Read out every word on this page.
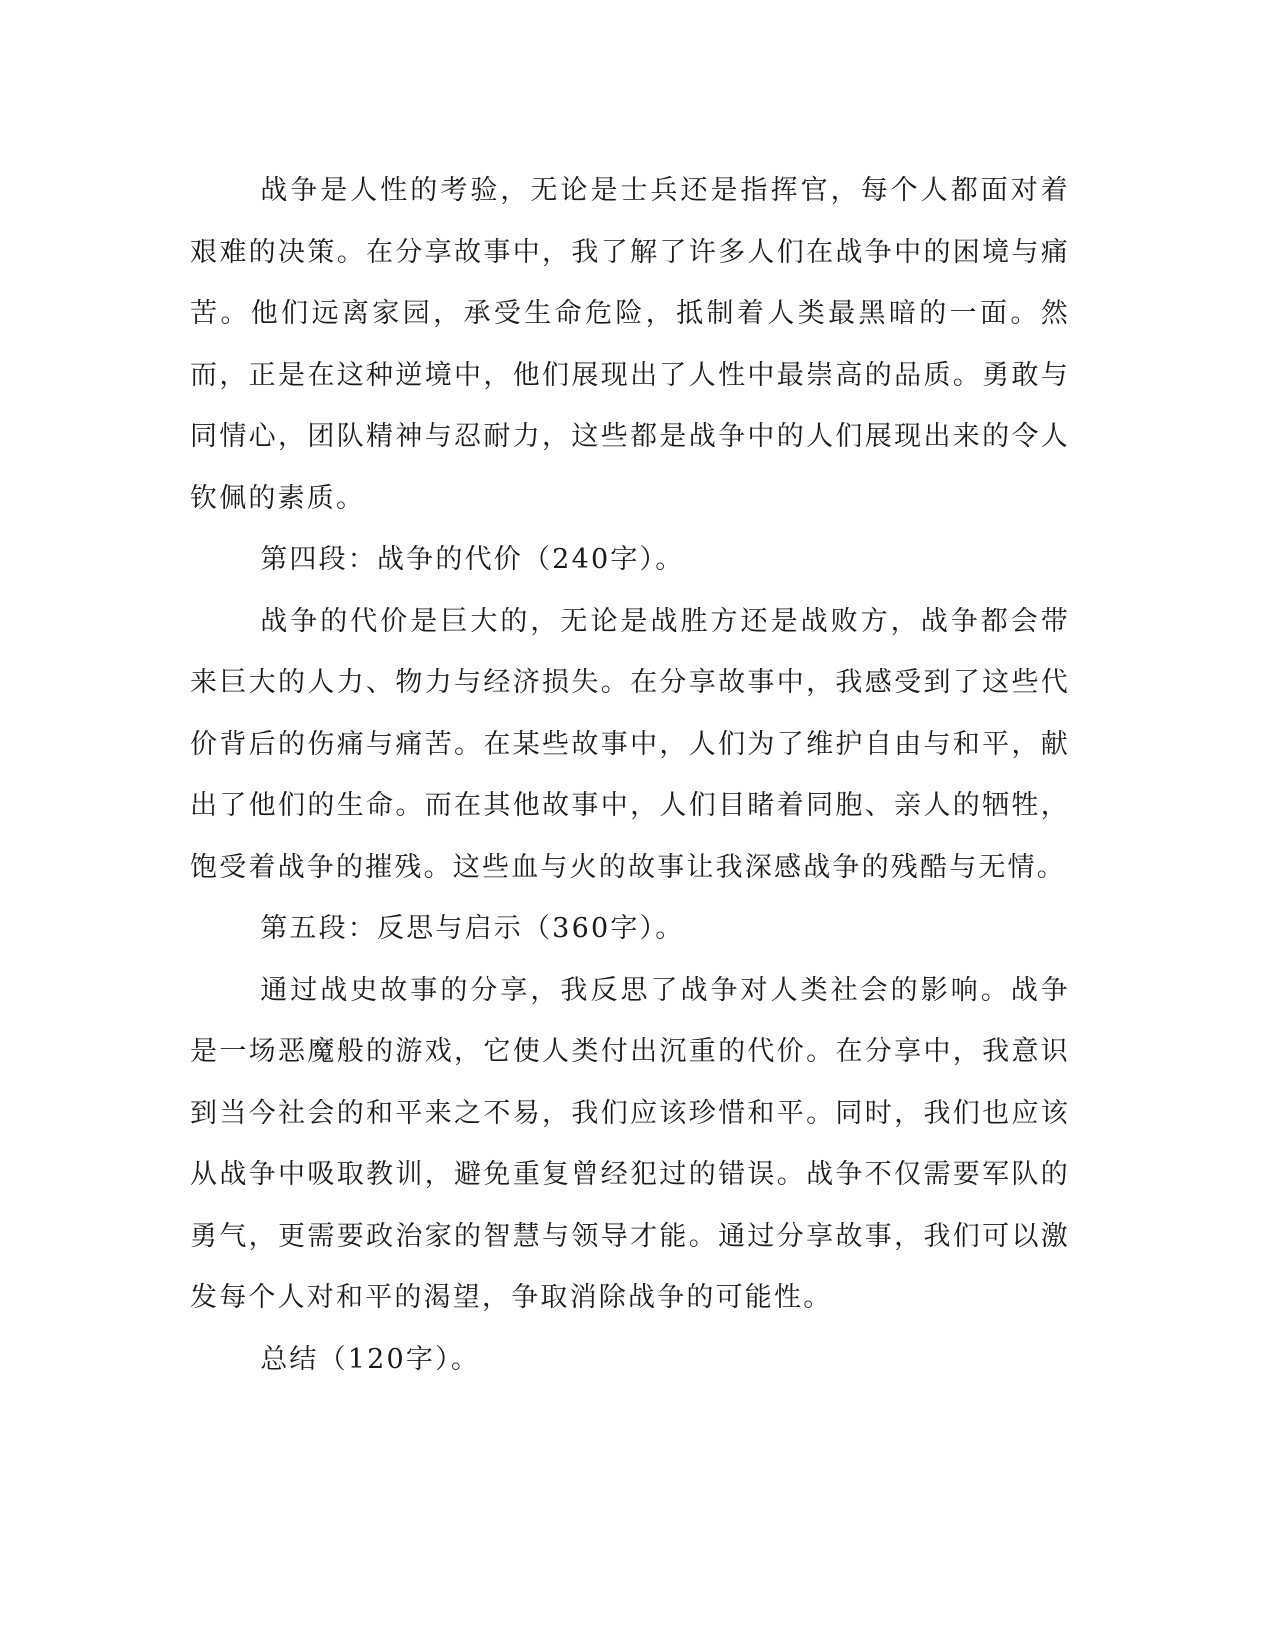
战争是人性的考验，无论是士兵还是指挥官，每个人都面对着艰难的决策。在分享故事中，我了解了许多人们在战争中的困境与痛苦。他们远离家园，承受生命危险，抵制着人类最黑暗的一面。然而，正是在这种逆境中，他们展现出了人性中最崇高的品质。勇敢与同情心，团队精神与忍耐力，这些都是战争中的人们展现出来的令人钦佩的素质。

第四段：战争的代价（240字）。

战争的代价是巨大的，无论是战胜方还是战败方，战争都会带来巨大的人力、物力与经济损失。在分享故事中，我感受到了这些代价背后的伤痛与痛苦。在某些故事中，人们为了维护自由与和平，献出了他们的生命。而在其他故事中，人们目睹着同胞、亲人的牺牲，饱受着战争的摧残。这些血与火的故事让我深感战争的残酷与无情。

第五段：反思与启示（360字）。

通过战史故事的分享，我反思了战争对人类社会的影响。战争是一场恶魔般的游戏，它使人类付出沉重的代价。在分享中，我意识到当今社会的和平来之不易，我们应该珍惜和平。同时，我们也应该从战争中吸取教训，避免重复曾经犯过的错误。战争不仅需要军队的勇气，更需要政治家的智慧与领导才能。通过分享故事，我们可以激发每个人对和平的渴望，争取消除战争的可能性。

总结（120字）。
